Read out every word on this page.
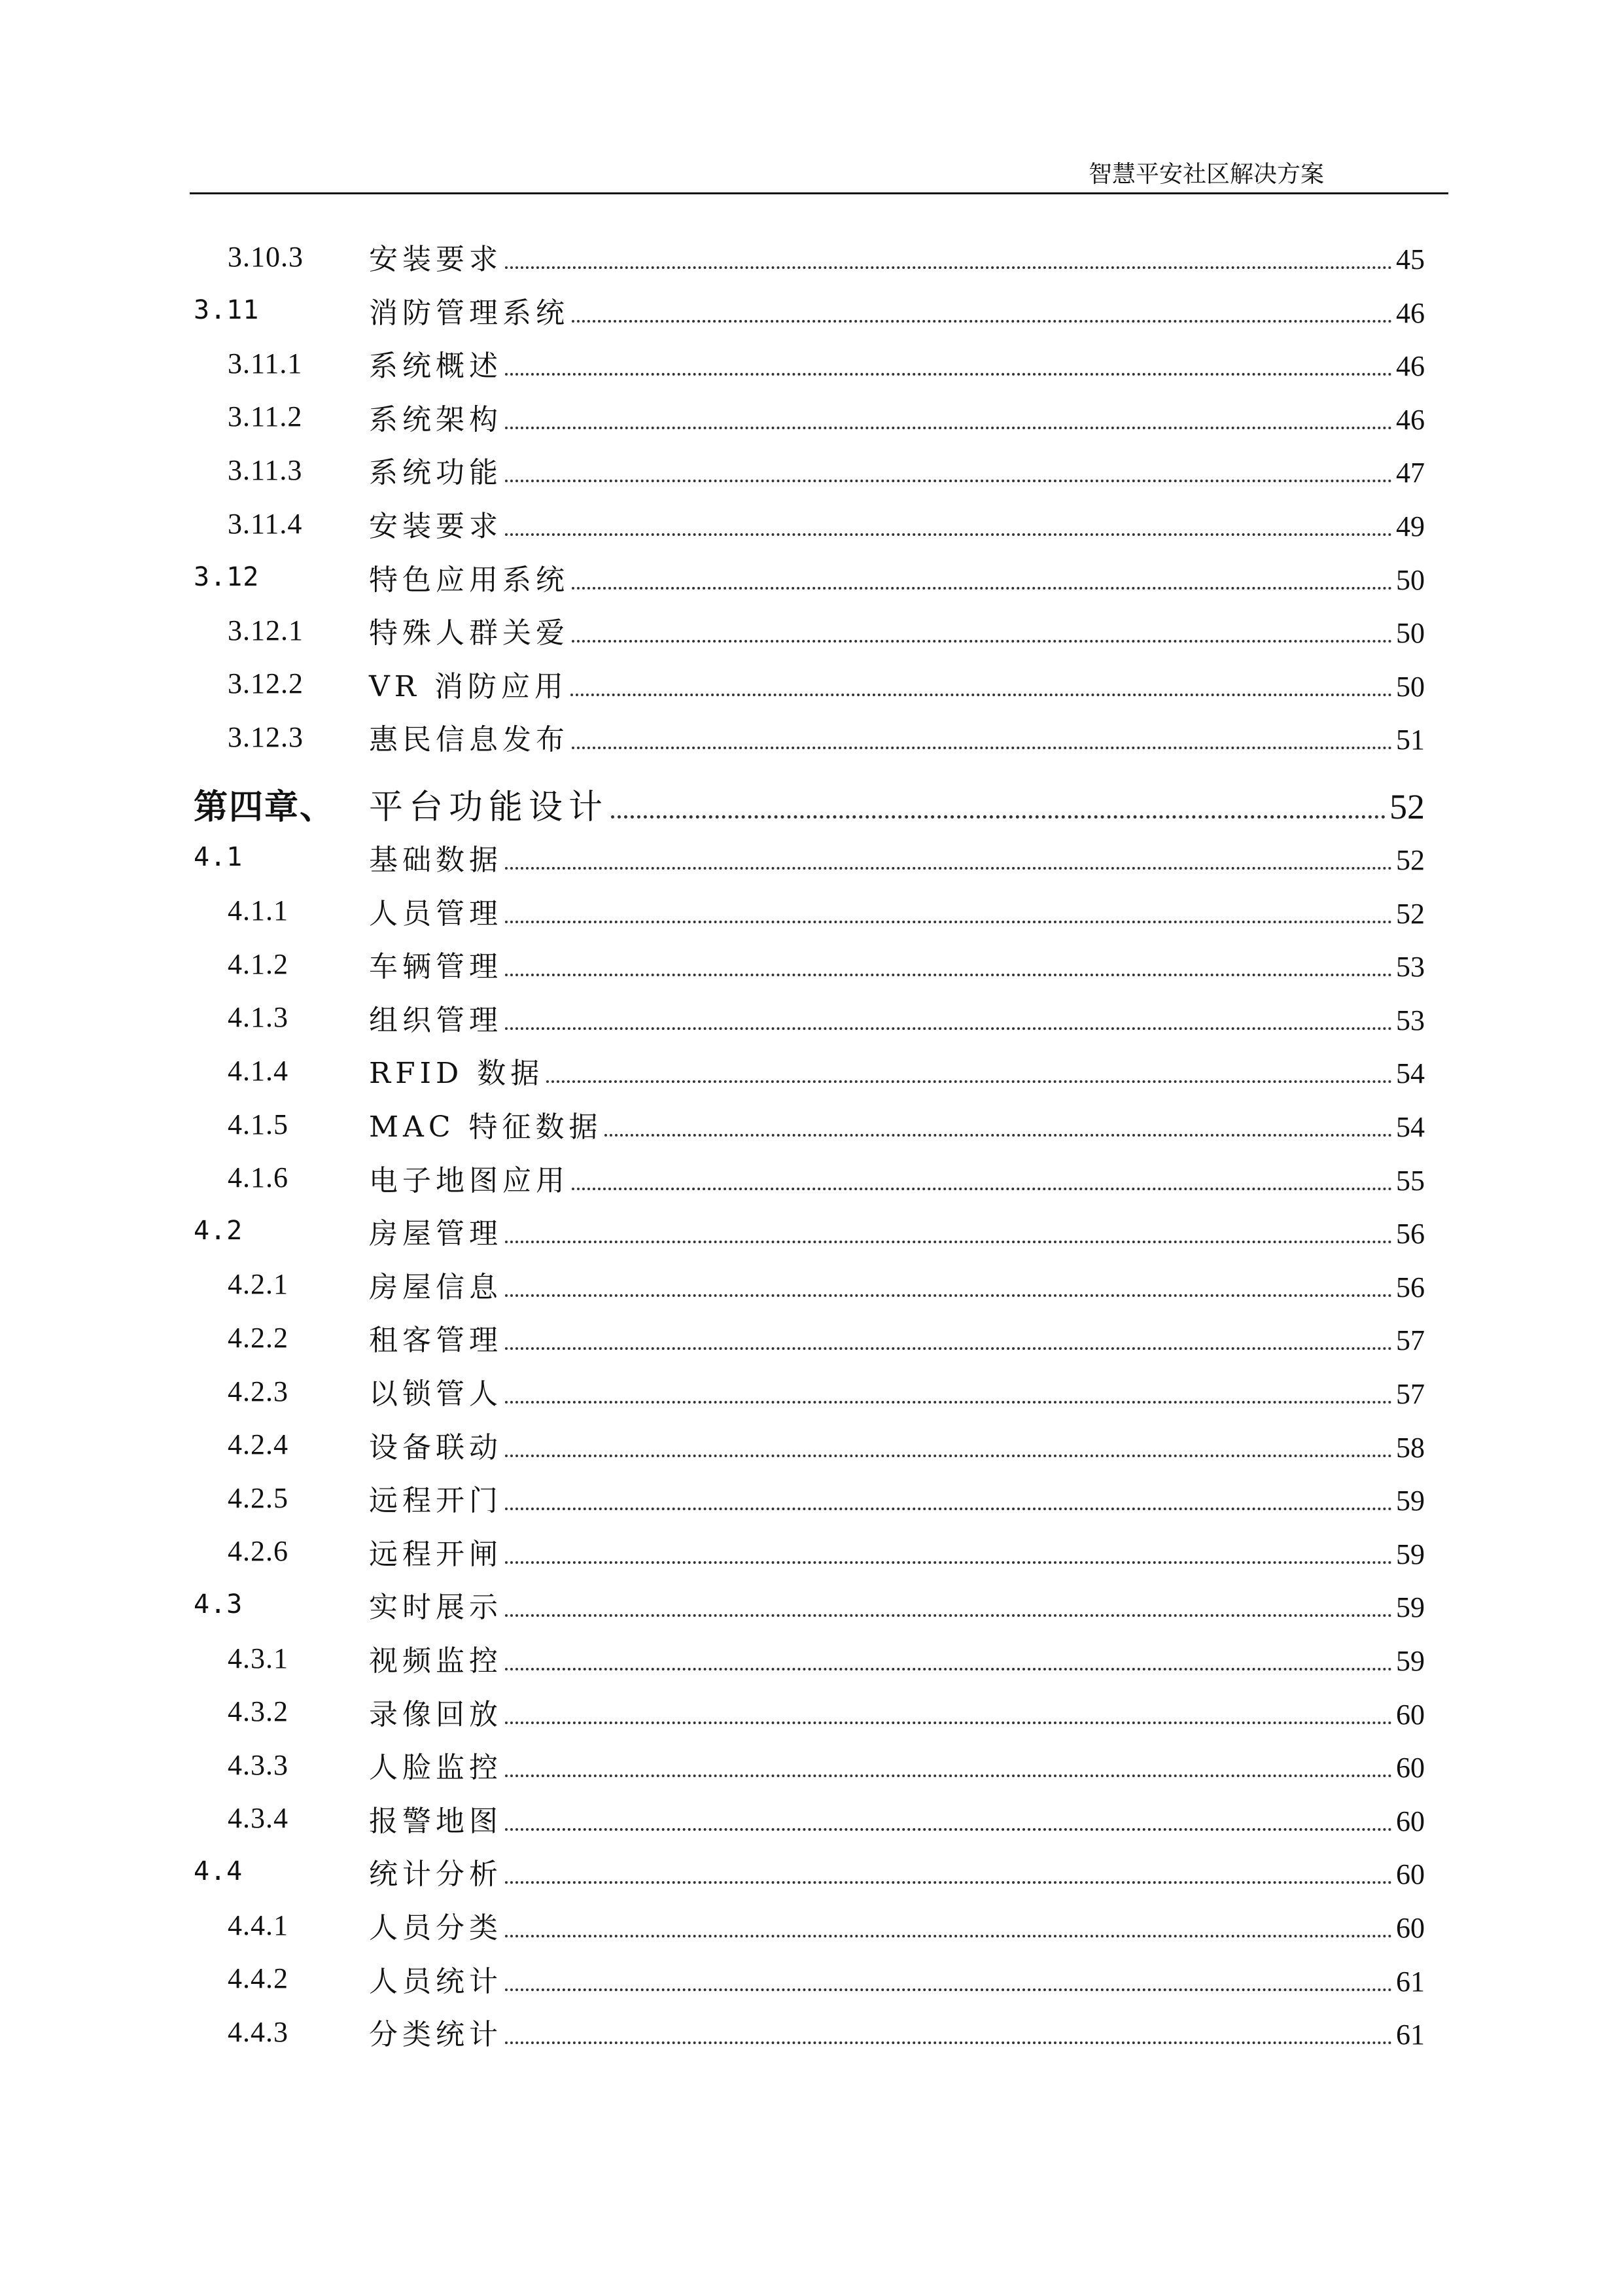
智慧平安社区解决方案
3.10.3 安装要求	45
3.11	消防管理系统	46
3.11.1 系统概述	46
3.11.2 系统架构	46
3.11.3 系统功能	47
3.11.4 安装要求	49
3.12	特色应用系统	50
3.12.1 特殊人群关爱	50
3.12.2 VR 消防应用	50
3.12.3 惠民信息发布	51
第四章、 平台功能设计	52
4.1	基础数据	52
4.1.1	人员管理	52
4.1.2	车辆管理	53
4.1.3	组织管理	53
4.1.4	RFID 数据	54
4.1.5	MAC 特征数据	54
4.1.6	电子地图应用	55
4.2	房屋管理	56
4.2.1	房屋信息	56
4.2.2	租客管理	57
4.2.3	以锁管人	57
4.2.4	设备联动	58
4.2.5	远程开门	59
4.2.6	远程开闸	59
4.3	实时展示	59
4.3.1	视频监控	59
4.3.2	录像回放	60
4.3.3	人脸监控	60
4.3.4	报警地图	60
4.4	统计分析	60
4.4.1	人员分类	60
4.4.2	人员统计	61
4.4.3	分类统计	61
